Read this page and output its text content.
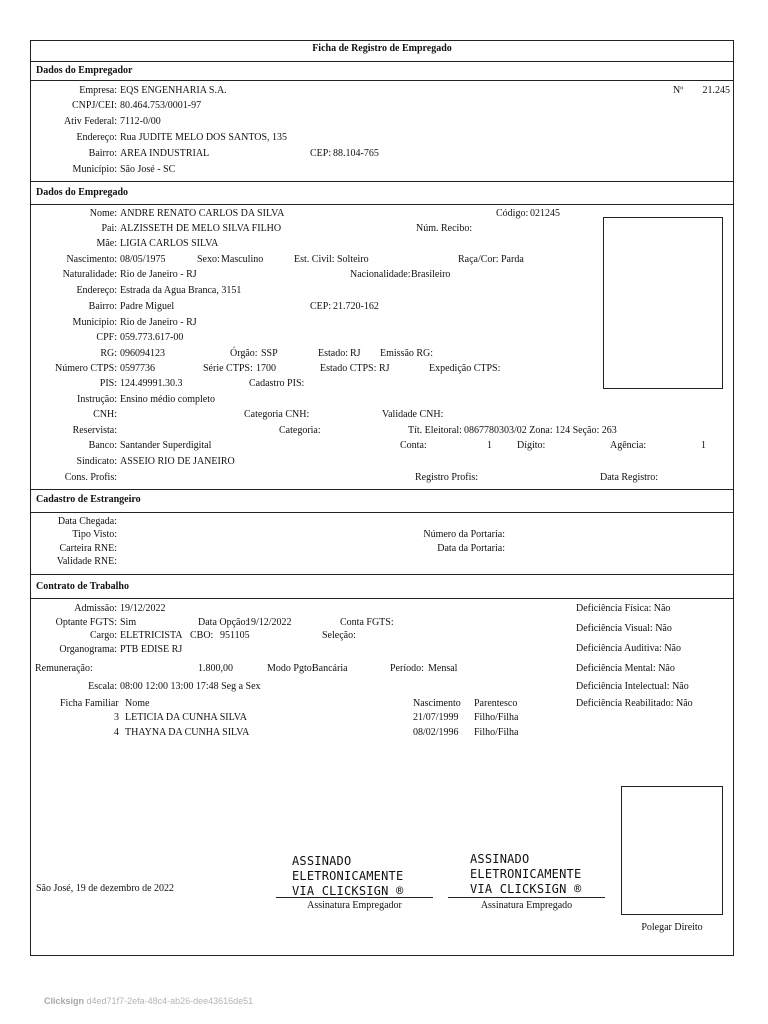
Ficha de Registro de Empregado
Dados do Empregador
Empresa: EQS ENGENHARIA S.A.	Nº	21.245
CNPJ/CEI: 80.464.753/0001-97
Ativ Federal: 7112-0/00
Endereço: Rua JUDITE MELO DOS SANTOS, 135
Bairro: AREA INDUSTRIAL	CEP: 88.104-765
Município: São José - SC
Dados do Empregado
Nome: ANDRE RENATO CARLOS DA SILVA	Código: 021245
Pai: ALZISSETH DE MELO SILVA FILHO	Núm. Recibo:
Mãe: LIGIA CARLOS SILVA
Nascimento: 08/05/1975	Sexo: Masculino	Est. Civil: Solteiro	Raça/Cor: Parda
Naturalidade: Rio de Janeiro - RJ	Nacionalidade: Brasileiro
Endereço: Estrada da Agua Branca, 3151
Bairro: Padre Miguel	CEP: 21.720-162
Município: Rio de Janeiro - RJ
CPF: 059.773.617-00
RG: 096094123	Órgão: SSP	Estado: RJ Emissão RG:
Número CTPS: 0597736	Série CTPS: 1700	Estado CTPS: RJ	Expedição CTPS:
PIS: 124.49991.30.3	Cadastro PIS:
Instrução: Ensino médio completo
CNH:	Categoria CNH:	Validade CNH:
Reservista:	Categoria:	Tít. Eleitoral: 0867780303/02 Zona: 124 Seção: 263
Banco: Santander Superdigital	Conta:	1	Dígito:	Agência:	1
Sindicato: ASSEIO RIO DE JANEIRO
Cons. Profis:	Registro Profis:	Data Registro:
Cadastro de Estrangeiro
Data Chegada:
Tipo Visto:
Carteira RNE:
Validade RNE:
Número da Portaria:
Data da Portaria:
Contrato de Trabalho
Admissão: 19/12/2022
Optante FGTS: Sim	Data Opção:
19/12/2022	Conta FGTS:
Cargo: ELETRICISTA CBO: 951105	Seleção:
Organograma: PTB EDISE RJ
Remuneração:	1.800,00	Modo Pgto:
Bancária	Período: Mensal
Escala: 08:00 12:00 13:00 17:48 Seg a Sex
Deficiência Física: Não
Deficiência Visual: Não
Deficiência Auditiva: Não
Deficiência Mental: Não
Deficiência Intelectual: Não
Deficiência Reabilitado: Não
Ficha Familiar Nome	Nascimento Parentesco
3 LETICIA DA CUNHA SILVA	21/07/1999 Filho/Filha
4 THAYNA DA CUNHA SILVA	08/02/1996 Filho/Filha
São José, 19 de dezembro de 2022
ASSINADO
ELETRONICAMENTE
VIA CLICKSIGN ®
Assinatura Empregador
ASSINADO
ELETRONICAMENTE
VIA CLICKSIGN ®
Assinatura Empregado
Polegar Direito
Clicksign d4ed71f7-2efa-48c4-ab26-dee43616de51
